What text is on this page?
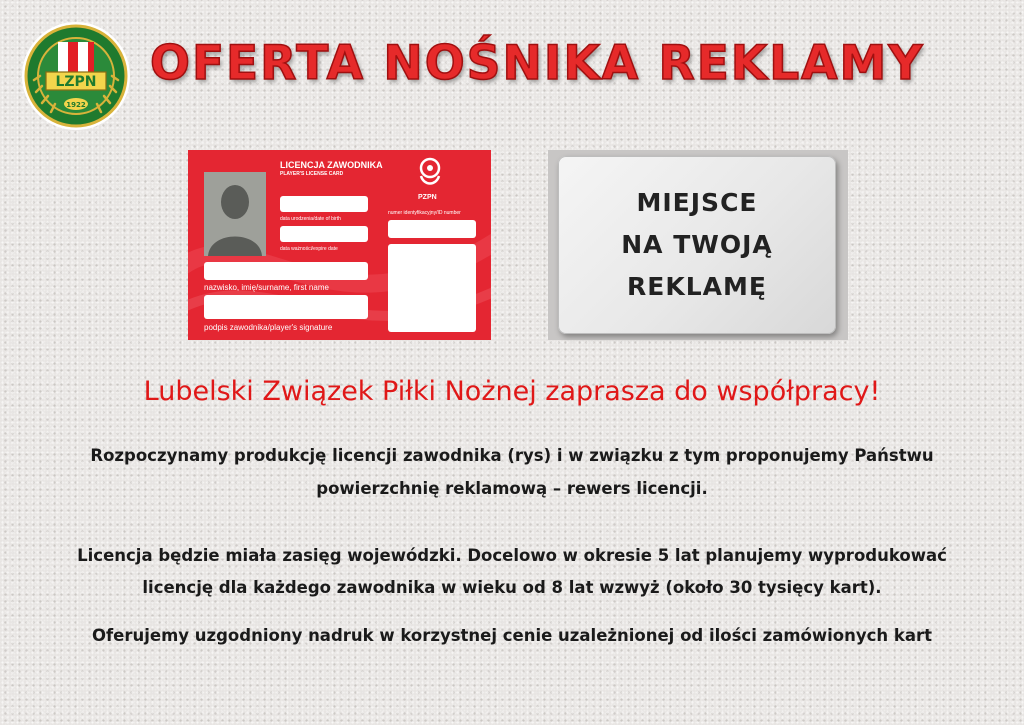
LZPN
1922
OFERTA NOŚNIKA REKLAMY
LICENCJA ZAWODNIKA
PLAYER'S LICENSE CARD
PZPN
data urodzenia/date of birth
data ważności/expire date
numer identyfikacyjny/ID number
nazwisko, imię/surname, first name
podpis zawodnika/player's signature
MIEJSCE
NA TWOJĄ
REKLAMĘ
Lubelski Związek Piłki Nożnej zaprasza do współpracy!
Rozpoczynamy produkcję licencji zawodnika (rys) i w związku z tym proponujemy Państwu
powierzchnię reklamową – rewers licencji.
Licencja będzie miała zasięg wojewódzki. Docelowo w okresie 5 lat planujemy wyprodukować
licencję dla każdego zawodnika w wieku od 8 lat wzwyż (około 30 tysięcy kart).
Oferujemy uzgodniony nadruk w korzystnej cenie uzależnionej od ilości zamówionych kart
